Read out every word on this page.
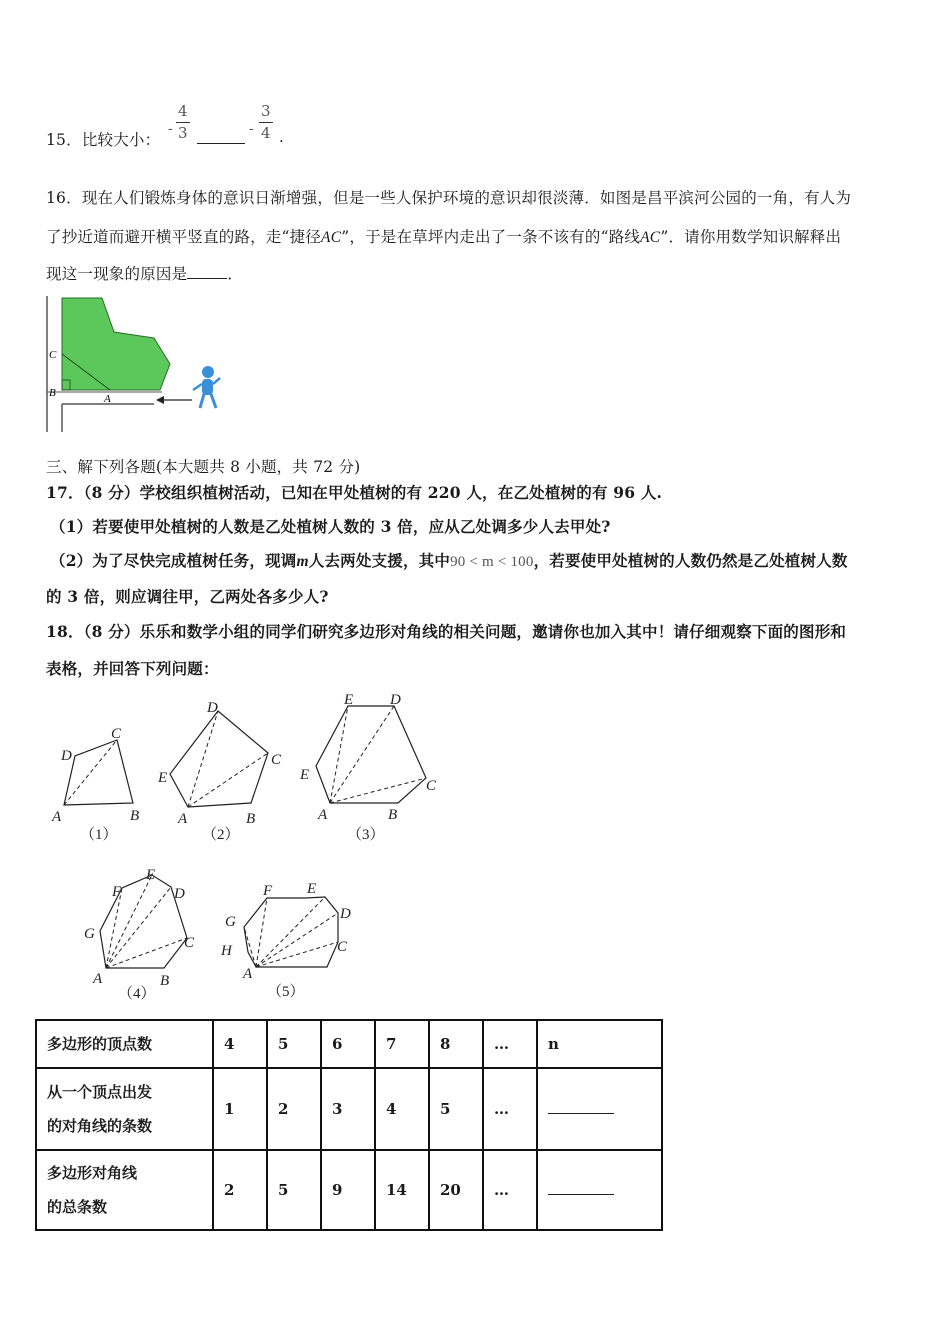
15．比较大小：
- $\frac{4}{3}$	- $\frac{3}{4}$ .
16．现在人们锻炼身体的意识日渐增强，但是一些人保护环境的意识却很淡薄．如图是昌平滨河公园的一角，有人为
了抄近道而避开横平竖直的路，走“捷径AC”，于是在草坪内走出了一条不该有的“路线AC”．请你用数学知识解释出
现这一现象的原因是	．
C
B	A
三、解下列各题(本大题共 8 小题，共 72 分)
17．（8 分）学校组织植树活动，已知在甲处植树的有 220 人，在乙处植树的有 96 人.
（1）若要使甲处植树的人数是乙处植树人数的 3 倍，应从乙处调多少人去甲处?
（2）为了尽快完成植树任务，现调m人去两处支援，其中90 < m < 100，若要使甲处植树的人数仍然是乙处植树人数
的 3 倍，则应调往甲，乙两处各多少人?
18．（8 分）乐乐和数学小组的同学们研究多边形对角线的相关问题，邀请你也加入其中！请仔细观察下面的图形和
表格，并回答下列问题：
A	B
C
D
（1）
A	B
C
D
E
（2）
A	B
C
D
E
E
（3）
A	B
C
D
E
F
G
（4）
A
C
D
E
F
G
H
（5）
多边形的顶点数	4	5	6	7	8	…	n
从一个顶点出发
的对角线的条数	1	2	3	4	5	…	
多边形对角线
的总条数	2	5	9	14	20	…	
